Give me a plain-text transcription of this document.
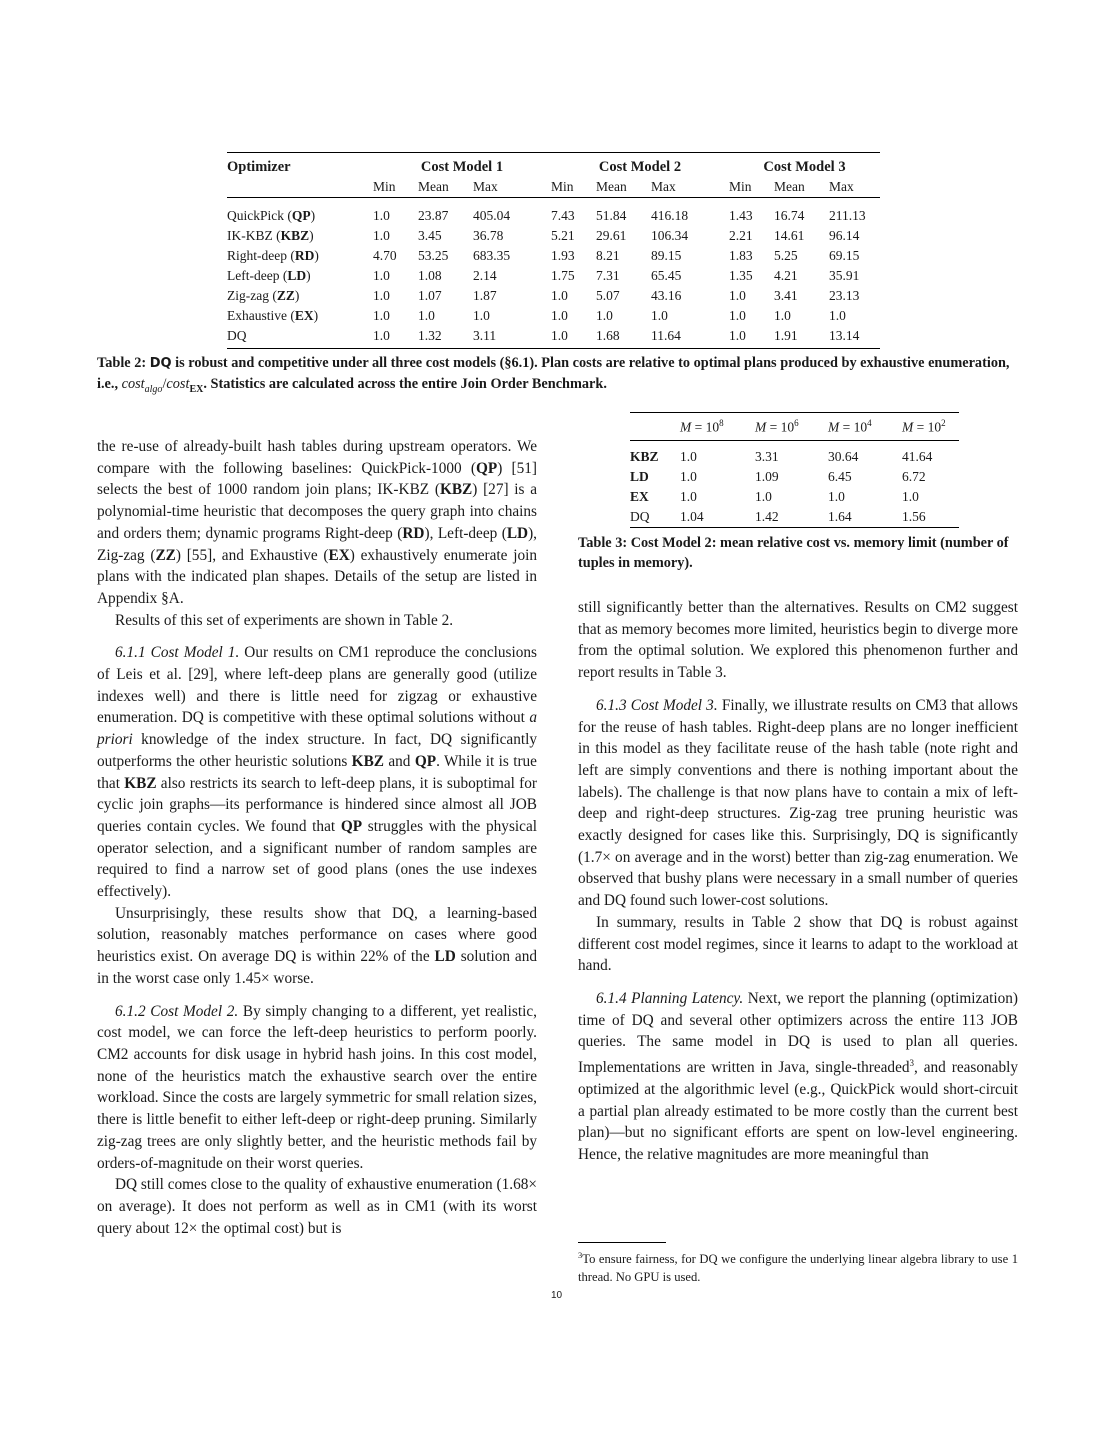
Optimizer	Cost Model 1			Cost Model 2			Cost Model 3		
	Min	Mean	Max	Min	Mean	Max	Min	Mean	Max
QuickPick (QP)	1.0	23.87	405.04	7.43	51.84	416.18	1.43	16.74	211.13
IK-KBZ (KBZ)	1.0	3.45	36.78	5.21	29.61	106.34	2.21	14.61	96.14
Right-deep (RD)	4.70	53.25	683.35	1.93	8.21	89.15	1.83	5.25	69.15
Left-deep (LD)	1.0	1.08	2.14	1.75	7.31	65.45	1.35	4.21	35.91
Zig-zag (ZZ)	1.0	1.07	1.87	1.0	5.07	43.16	1.0	3.41	23.13
Exhaustive (EX)	1.0	1.0	1.0	1.0	1.0	1.0	1.0	1.0	1.0
DQ	1.0	1.32	3.11	1.0	1.68	11.64	1.0	1.91	13.14

Table 2: DQ is robust and competitive under all three cost models (§6.1). Plan costs are relative to optimal plans produced by exhaustive enumeration, i.e., cost$_{algo}$/cost$_{EX}$. Statistics are calculated across the entire Join Order Benchmark.

	$M = 10^8$	$M = 10^6$	$M = 10^4$	$M = 10^2$
KBZ	1.0	3.31	30.64	41.64
LD	1.0	1.09	6.45	6.72
EX	1.0	1.0	1.0	1.0
DQ	1.04	1.42	1.64	1.56

Table 3: Cost Model 2: mean relative cost vs. memory limit (number of tuples in memory).

the re-use of already-built hash tables during upstream operators. We compare with the following baselines: QuickPick-1000 (QP) [51] selects the best of 1000 random join plans; IK-KBZ (KBZ) [27] is a polynomial-time heuristic that decomposes the query graph into chains and orders them; dynamic programs Right-deep (RD), Left-deep (LD), Zig-zag (ZZ) [55], and Exhaustive (EX) exhaustively enumerate join plans with the indicated plan shapes. Details of the setup are listed in Appendix §A.

Results of this set of experiments are shown in Table 2.

6.1.1 Cost Model 1. Our results on CM1 reproduce the conclusions of Leis et al. [29], where left-deep plans are generally good (utilize indexes well) and there is little need for zigzag or exhaustive enumeration. DQ is competitive with these optimal solutions without a priori knowledge of the index structure. In fact, DQ significantly outperforms the other heuristic solutions KBZ and QP. While it is true that KBZ also restricts its search to left-deep plans, it is suboptimal for cyclic join graphs—its performance is hindered since almost all JOB queries contain cycles. We found that QP struggles with the physical operator selection, and a significant number of random samples are required to find a narrow set of good plans (ones the use indexes effectively).

Unsurprisingly, these results show that DQ, a learning-based solution, reasonably matches performance on cases where good heuristics exist. On average DQ is within 22% of the LD solution and in the worst case only 1.45× worse.

6.1.2 Cost Model 2. By simply changing to a different, yet realistic, cost model, we can force the left-deep heuristics to perform poorly. CM2 accounts for disk usage in hybrid hash joins. In this cost model, none of the heuristics match the exhaustive search over the entire workload. Since the costs are largely symmetric for small relation sizes, there is little benefit to either left-deep or right-deep pruning. Similarly zig-zag trees are only slightly better, and the heuristic methods fail by orders-of-magnitude on their worst queries.

DQ still comes close to the quality of exhaustive enumeration (1.68× on average). It does not perform as well as in CM1 (with its worst query about 12× the optimal cost) but is

still significantly better than the alternatives. Results on CM2 suggest that as memory becomes more limited, heuristics begin to diverge more from the optimal solution. We explored this phenomenon further and report results in Table 3.

6.1.3 Cost Model 3. Finally, we illustrate results on CM3 that allows for the reuse of hash tables. Right-deep plans are no longer inefficient in this model as they facilitate reuse of the hash table (note right and left are simply conventions and there is nothing important about the labels). The challenge is that now plans have to contain a mix of left-deep and right-deep structures. Zig-zag tree pruning heuristic was exactly designed for cases like this. Surprisingly, DQ is significantly (1.7× on average and in the worst) better than zig-zag enumeration. We observed that bushy plans were necessary in a small number of queries and DQ found such lower-cost solutions.

In summary, results in Table 2 show that DQ is robust against different cost model regimes, since it learns to adapt to the workload at hand.

6.1.4 Planning Latency. Next, we report the planning (optimization) time of DQ and several other optimizers across the entire 113 JOB queries. The same model in DQ is used to plan all queries. Implementations are written in Java, single-threaded$^3$, and reasonably optimized at the algorithmic level (e.g., QuickPick would short-circuit a partial plan already estimated to be more costly than the current best plan)—but no significant efforts are spent on low-level engineering. Hence, the relative magnitudes are more meaningful than

$^3$To ensure fairness, for DQ we configure the underlying linear algebra library to use 1 thread. No GPU is used.

10
